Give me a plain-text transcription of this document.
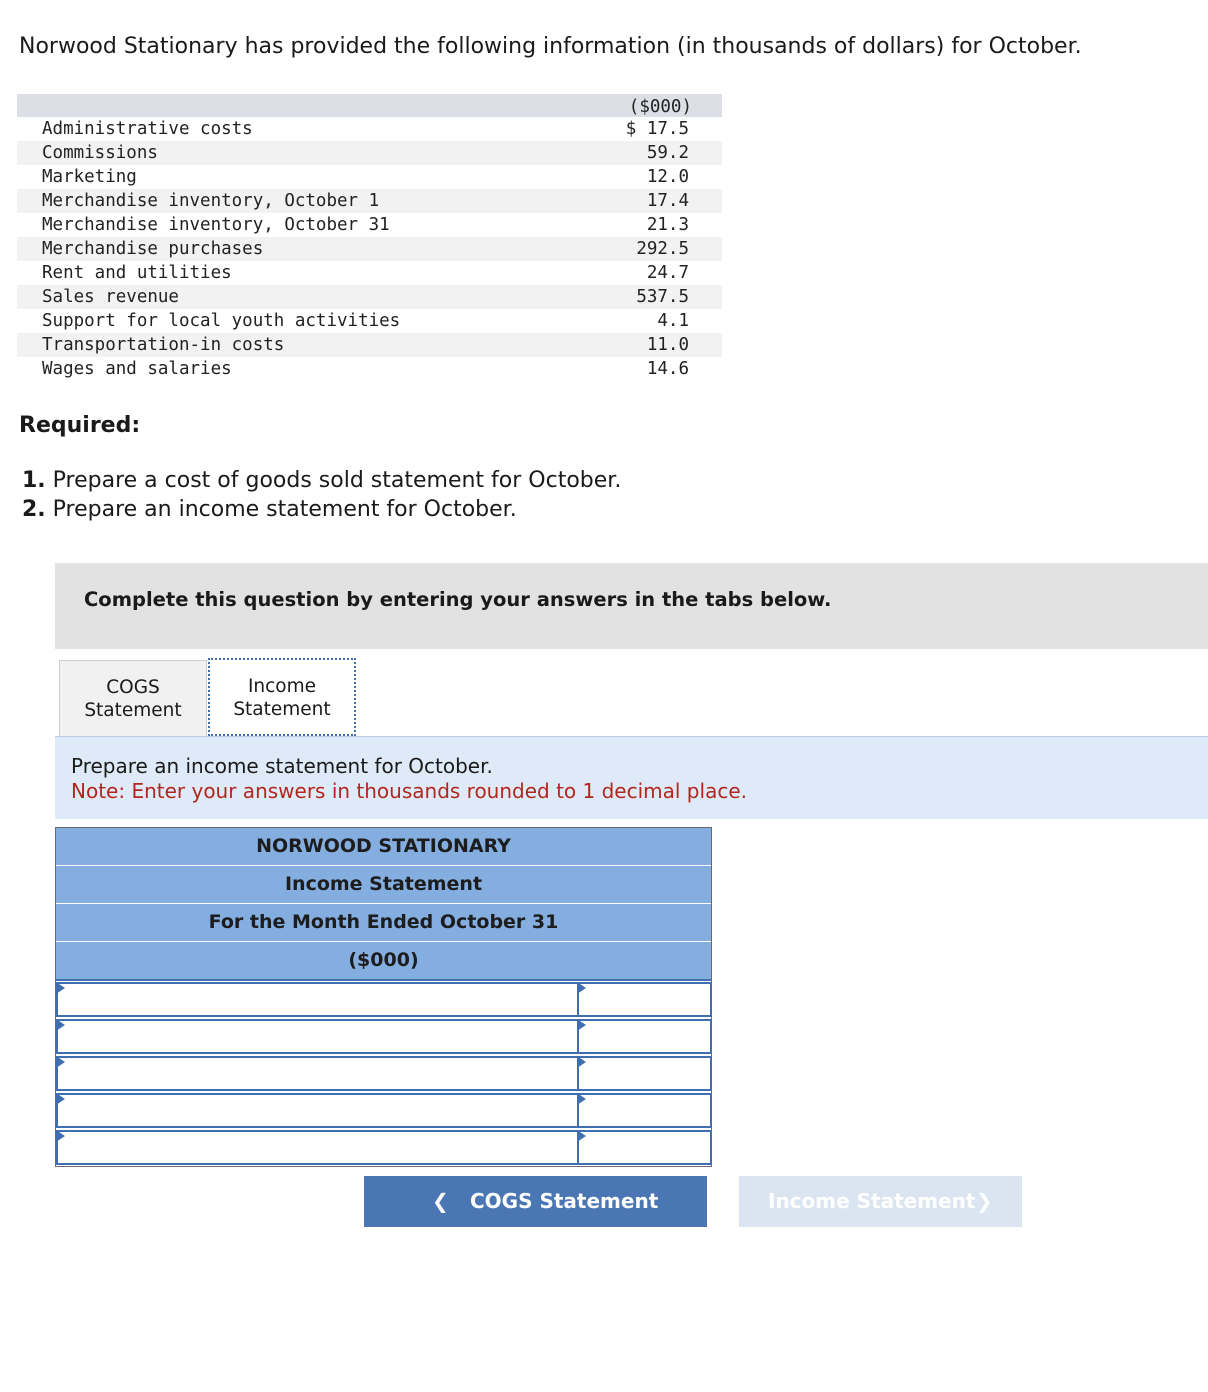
Norwood Stationary has provided the following information (in thousands of dollars) for October.
($000)
Administrative costs	$ 17.5
Commissions	59.2
Marketing	12.0
Merchandise inventory, October 1	17.4
Merchandise inventory, October 31	21.3
Merchandise purchases	292.5
Rent and utilities	24.7
Sales revenue	537.5
Support for local youth activities	4.1
Transportation-in costs	11.0
Wages and salaries	14.6
Required:
1. Prepare a cost of goods sold statement for October.
2. Prepare an income statement for October.
Complete this question by entering your answers in the tabs below.
COGS
Statement
Income
Statement
Prepare an income statement for October.
Note: Enter your answers in thousands rounded to 1 decimal place.
NORWOOD STATIONARY
Income Statement
For the Month Ended October 31
($000)
❮ COGS Statement	Income Statement ❯
